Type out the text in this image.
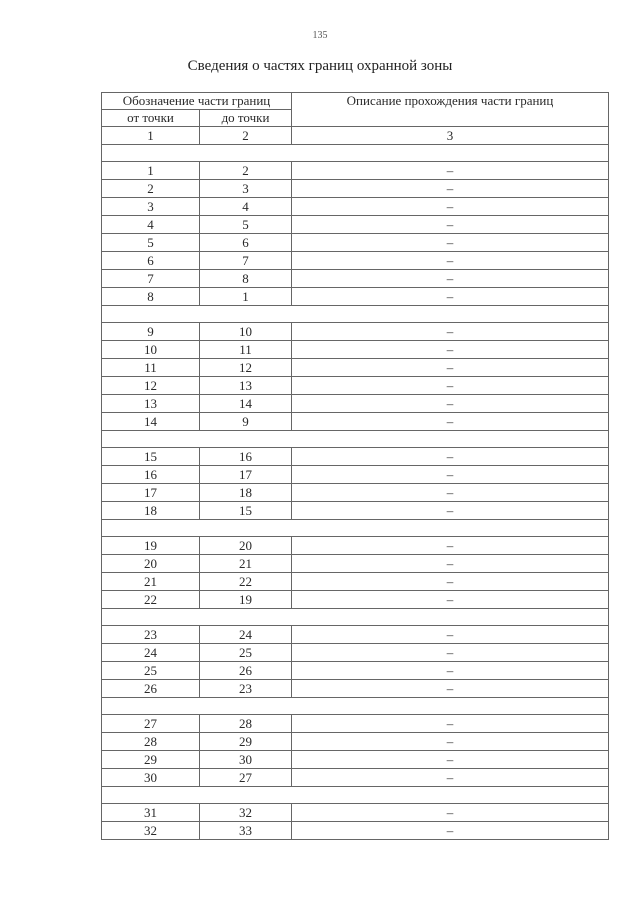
135
Сведения о частях границ охранной зоны
Обозначение части границ		Описание прохождения части границ
от точки	до точки	
1	2	3

1	2	–
2	3	–
3	4	–
4	5	–
5	6	–
6	7	–
7	8	–
8	1	–

9	10	–
10	11	–
11	12	–
12	13	–
13	14	–
14	9	–

15	16	–
16	17	–
17	18	–
18	15	–

19	20	–
20	21	–
21	22	–
22	19	–

23	24	–
24	25	–
25	26	–
26	23	–

27	28	–
28	29	–
29	30	–
30	27	–

31	32	–
32	33	–
